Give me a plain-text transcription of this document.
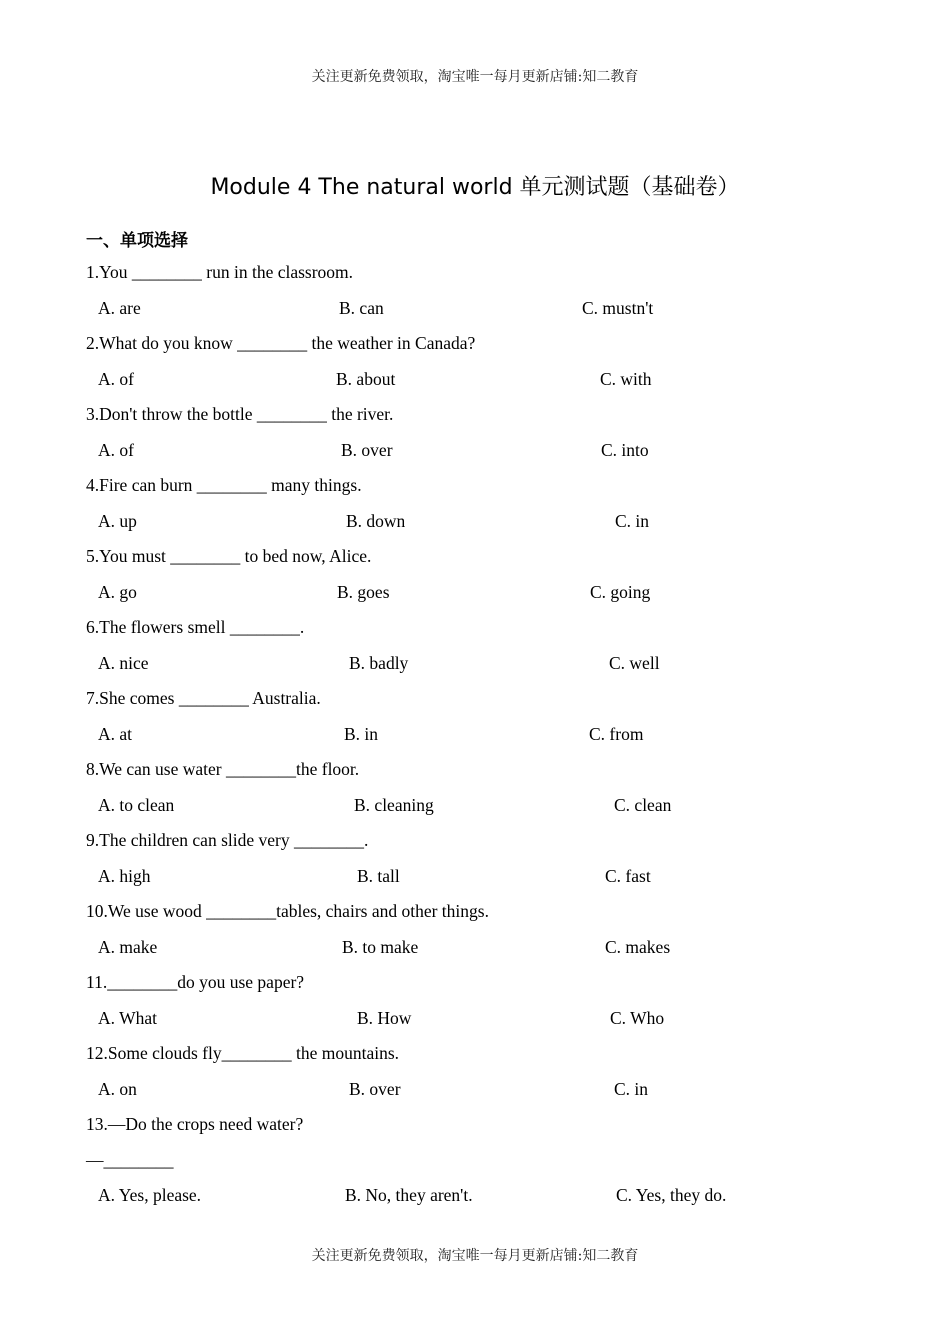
关注更新免费领取，淘宝唯一每月更新店铺:知二教育
Module 4 The natural world 单元测试题（基础卷）
一、单项选择
1.You ________ run in the classroom.

A. are

	B. can

	C. mustn't

2.What do you know ________ the weather in Canada?

A. of

	B. about

	C. with

3.Don't throw the bottle ________ the river.

A. of

	B. over

	C. into

4.Fire can burn ________ many things.

A. up

	B. down

	C. in

5.You must ________ to bed now, Alice.

A. go

	B. goes

	C. going

6.The flowers smell ________.

A. nice

	B. badly

	C. well

7.She comes ________ Australia.

A. at

	B. in

	C. from

8.We can use water ________the floor.

A. to clean

	B. cleaning

	C. clean

9.The children can slide very ________.

A. high

	B. tall

	C. fast

10.We use wood ________tables, chairs and other things.

A. make

	B. to make

	C. makes

11.________do you use paper?

A. What

	B. How

	C. Who

12.Some clouds fly________ the mountains.

A. on

	B. over

	C. in

13.—Do the crops need water?
—________

A. Yes, please.

	B. No, they aren't.

	C. Yes, they do.

关注更新免费领取，淘宝唯一每月更新店铺:知二教育
